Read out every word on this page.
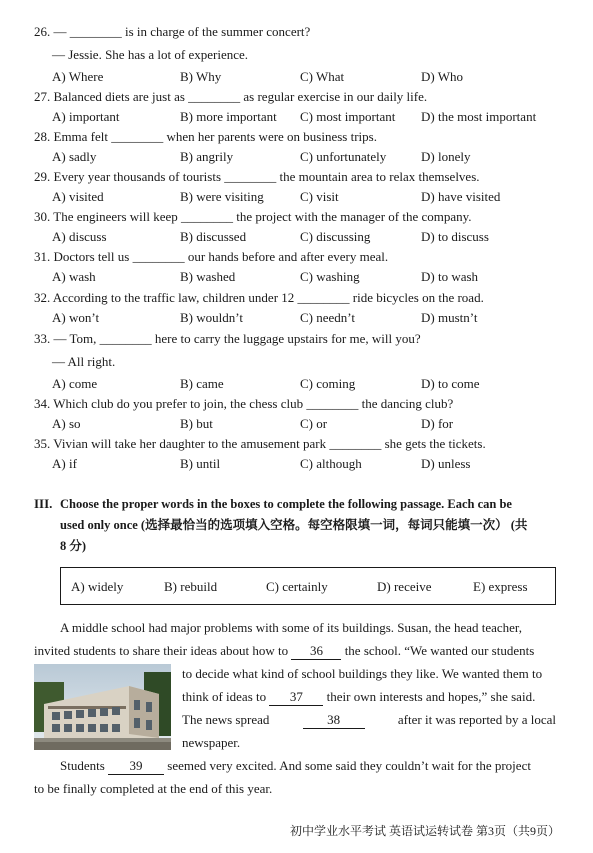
26. — ________ is in charge of the summer concert?
— Jessie. She has a lot of experience.
A) Where	B) Why	C) What	D) Who
27. Balanced diets are just as ________ as regular exercise in our daily life.
A) important	B) more important C) most important D) the most important
28. Emma felt ________ when her parents were on business trips.
A) sadly	B) angrily	C) unfortunately	D) lonely
29. Every year thousands of tourists ________ the mountain area to relax themselves.
A) visited	B) were visiting	C) visit	D) have visited
30. The engineers will keep ________ the project with the manager of the company.
A) discuss	B) discussed	C) discussing	D) to discuss
31. Doctors tell us ________ our hands before and after every meal.
A) wash	B) washed	C) washing	D) to wash
32. According to the traffic law, children under 12 ________ ride bicycles on the road.
A) won’t	B) wouldn’t	C) needn’t	D) mustn’t
33. — Tom, ________ here to carry the luggage upstairs for me, will you?
— All right.
A) come	B) came	C) coming	D) to come
34. Which club do you prefer to join, the chess club ________ the dancing club?
A) so	B) but	C) or	D) for
35. Vivian will take her daughter to the amusement park ________ she gets the tickets.
A) if	B) until	C) although	D) unless
III. Choose the proper words in the boxes to complete the following passage. Each can be
used only once (选择最恰当的选项填入空格。每空格限填一词，每词只能填一次） (共
8 分)
A) widely	B) rebuild	C) certainly	D) receive	E) express
A middle school had major problems with some of its buildings. Susan, the head teacher,
invited students to share their ideas about how to 36 the school. “We wanted our students
to decide what kind of school buildings they like. We wanted them to
think of ideas to 37 their own interests and hopes,” she said.
The news spread	38	after it was reported by a local
newspaper.
Students 39 seemed very excited. And some said they couldn’t wait for the project
to be finally completed at the end of this year.
初中学业水平考试 英语试运转试卷 第3页（共9页）
